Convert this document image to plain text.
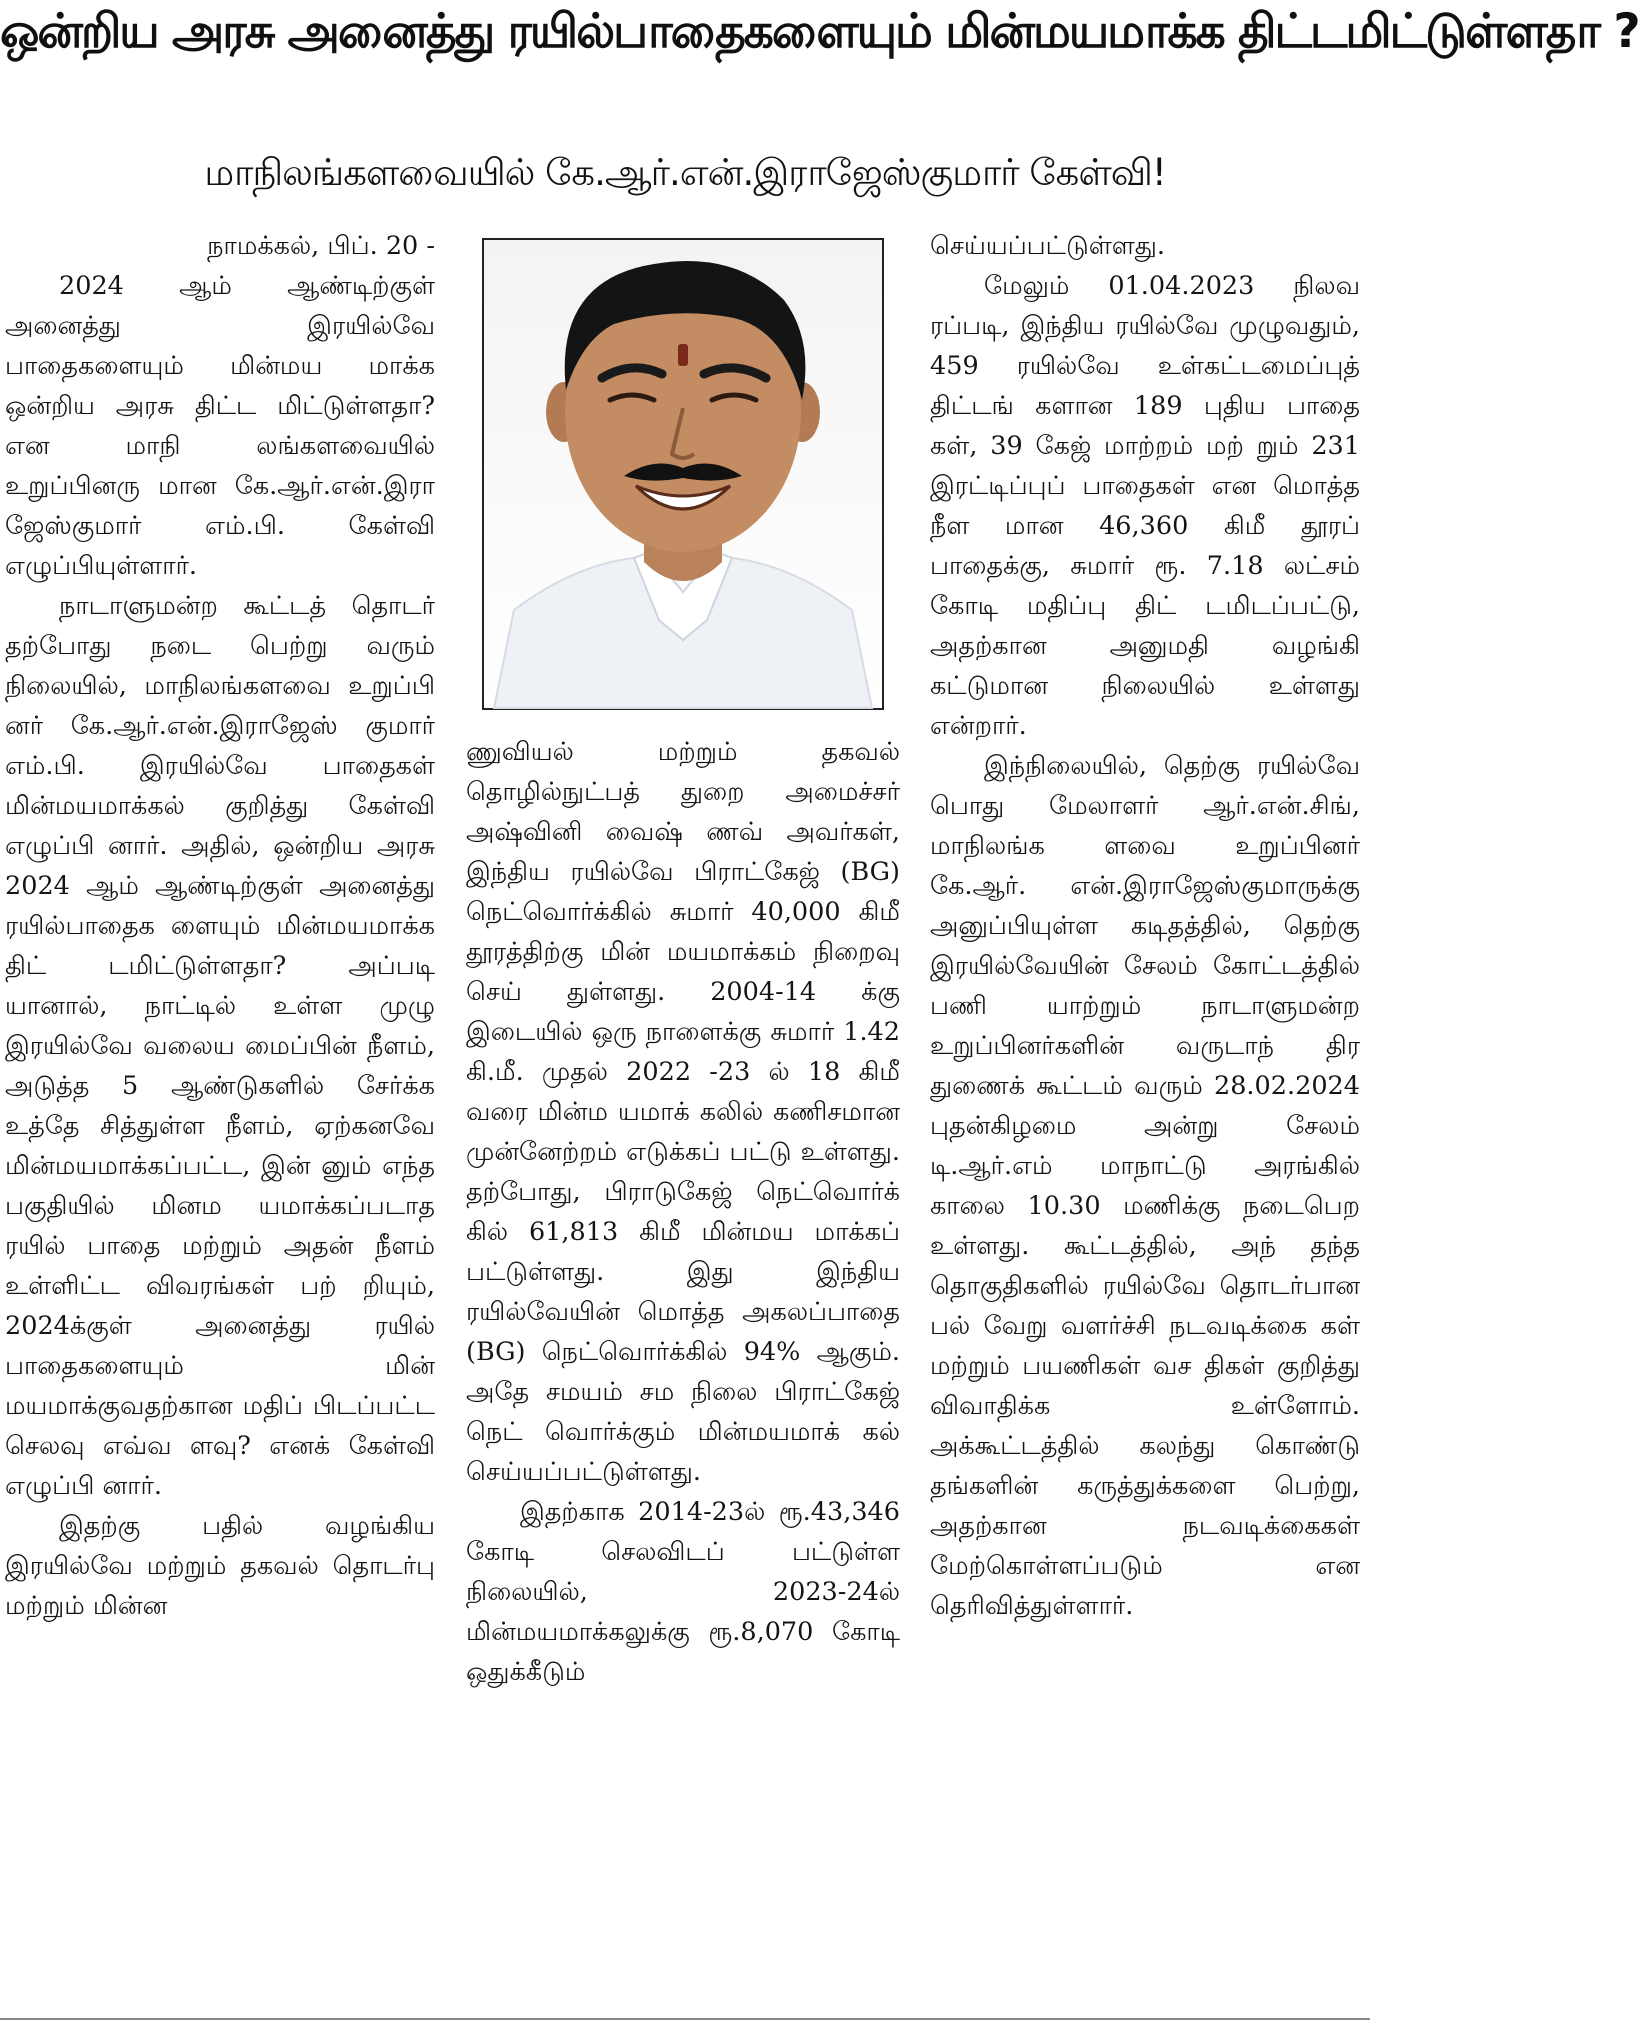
ஒன்றிய அரசு அனைத்து ரயில்பாதைகளையும் மின்மயமாக்க திட்டமிட்டுள்ளதா ?
மாநிலங்களவையில் கே.ஆர்.என்.இராஜேஸ்குமார் கேள்வி!

நாமக்கல், பிப். 20 -

2024 ஆம் ஆண்டிற்குள் அனைத்து இரயில்வே பாதைகளையும் மின்மய மாக்க ஒன்றிய அரசு திட்ட மிட்டுள்ளதா? என மாநி லங்களவையில் உறுப்பினரு மான கே.ஆர்.என்.இரா ஜேஸ்குமார் எம்.பி. கேள்வி எழுப்பியுள்ளார்.

நாடாளுமன்ற கூட்டத் தொடர் தற்போது நடை பெற்று வரும் நிலையில், மாநிலங்களவை உறுப்பி னர் கே.ஆர்.என்.இராஜேஸ் குமார் எம்.பி. இரயில்வே பாதைகள் மின்மயமாக்கல் குறித்து கேள்வி எழுப்பி னார். அதில், ஒன்றிய அரசு 2024 ஆம் ஆண்டிற்குள் அனைத்து ரயில்பாதைக ளையும் மின்மயமாக்க திட் டமிட்டுள்ளதா? அப்படி யானால், நாட்டில் உள்ள முழு இரயில்வே வலைய மைப்பின் நீளம், அடுத்த 5 ஆண்டுகளில் சேர்க்க உத்தே சித்துள்ள நீளம், ஏற்கனவே மின்மயமாக்கப்பட்ட, இன் னும் எந்த பகுதியில் மினம யமாக்கப்படாத ரயில் பாதை மற்றும் அதன் நீளம் உள்ளிட்ட விவரங்கள் பற் றியும், 2024க்குள் அனைத்து ரயில் பாதைகளையும் மின் மயமாக்குவதற்கான மதிப் பிடப்பட்ட செலவு எவ்வ ளவு? எனக் கேள்வி எழுப்பி னார்.

இதற்கு பதில் வழங்கிய இரயில்வே மற்றும் தகவல் தொடர்பு மற்றும் மின்ன

ணுவியல் மற்றும் தகவல் தொழில்நுட்பத் துறை அமைச்சர் அஷ்வினி வைஷ் ணவ் அவர்கள், இந்திய ரயில்வே பிராட்கேஜ் (BG) நெட்வொர்க்கில் சுமார் 40,000 கிமீ தூரத்திற்கு மின் மயமாக்கம் நிறைவு செய் துள்ளது. 2004-14 க்கு இடையில் ஒரு நாளைக்கு சுமார் 1.42 கி.மீ. முதல் 2022 -23 ல் 18 கிமீ வரை மின்ம யமாக் கலில் கணிசமான முன்னேற்றம் எடுக்கப் பட்டு உள்ளது. தற்போது, பிராடுகேஜ் நெட்வொர்க் கில் 61,813 கிமீ மின்மய மாக்கப் பட்டுள்ளது. இது இந்திய ரயில்வேயின் மொத்த அகலப்பாதை (BG) நெட்வொர்க்கில் 94% ஆகும். அதே சமயம் சம நிலை பிராட்கேஜ் நெட் வொர்க்கும் மின்மயமாக் கல் செய்யப்பட்டுள்ளது.

இதற்காக 2014-23ல் ரூ.43,346 கோடி செலவிடப் பட்டுள்ள நிலையில், 2023-24ல் மின்மயமாக்கலுக்கு ரூ.8,070 கோடி ஒதுக்கீடும்

செய்யப்பட்டுள்ளது.

மேலும் 01.04.2023 நிலவ ரப்படி, இந்திய ரயில்வே முழுவதும், 459 ரயில்வே உள்கட்டமைப்புத் திட்டங் களான 189 புதிய பாதை கள், 39 கேஜ் மாற்றம் மற் றும் 231 இரட்டிப்புப் பாதைகள் என மொத்த நீள மான 46,360 கிமீ தூரப் பாதைக்கு, சுமார் ரூ. 7.18 லட்சம் கோடி மதிப்பு திட் டமிடப்பட்டு, அதற்கான அனுமதி வழங்கி கட்டுமான நிலையில் உள்ளது என்றார்.

இந்நிலையில், தெற்கு ரயில்வே பொது மேலாளர் ஆர்.என்.சிங், மாநிலங்க ளவை உறுப்பினர் கே.ஆர். என்.இராஜேஸ்குமாருக்கு அனுப்பியுள்ள கடிதத்தில், தெற்கு இரயில்வேயின் சேலம் கோட்டத்தில் பணி யாற்றும் நாடாளுமன்ற உறுப்பினர்களின் வருடாந் திர துணைக் கூட்டம் வரும் 28.02.2024 புதன்கிழமை அன்று சேலம் டி.ஆர்.எம் மாநாட்டு அரங்கில் காலை 10.30 மணிக்கு நடைபெற உள்ளது. கூட்டத்தில், அந் தந்த தொகுதிகளில் ரயில்வே தொடர்பான பல் வேறு வளர்ச்சி நடவடிக்கை கள் மற்றும் பயணிகள் வச திகள் குறித்து விவாதிக்க உள்ளோம். அக்கூட்டத்தில் கலந்து கொண்டு தங்களின் கருத்துக்களை பெற்று, அதற்கான நடவடிக்கைகள் மேற்கொள்ளப்படும் என தெரிவித்துள்ளார்.
